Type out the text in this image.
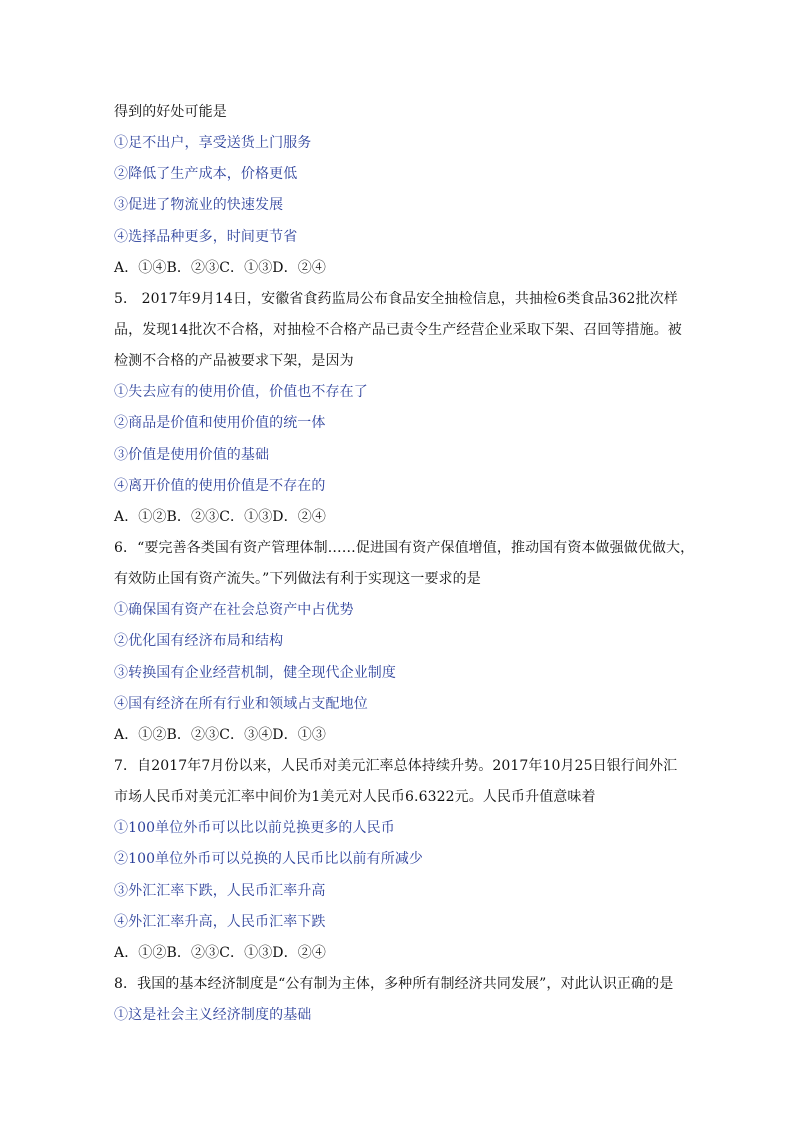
得到的好处可能是
①足不出户，享受送货上门服务
②降低了生产成本，价格更低
③促进了物流业的快速发展
④选择品种更多，时间更节省
A．①④B．②③C．①③D．②④
5． 2017年9月14日，安徽省食药监局公布食品安全抽检信息，共抽检6类食品362批次样
品，发现14批次不合格，对抽检不合格产品已责令生产经营企业采取下架、召回等措施。被
检测不合格的产品被要求下架，是因为
①失去应有的使用价值，价值也不存在了
②商品是价值和使用价值的统一体
③价值是使用价值的基础
④离开价值的使用价值是不存在的
A．①②B．②③C．①③D．②④
6．“要完善各类国有资产管理体制……促进国有资产保值增值，推动国有资本做强做优做大，
有效防止国有资产流失。”下列做法有利于实现这一要求的是
①确保国有资产在社会总资产中占优势
②优化国有经济布局和结构
③转换国有企业经营机制，健全现代企业制度
④国有经济在所有行业和领域占支配地位
A．①②B．②③C．③④D．①③
7．自2017年7月份以来，人民币对美元汇率总体持续升势。2017年10月25日银行间外汇
市场人民币对美元汇率中间价为1美元对人民币6.6322元。人民币升值意味着
①100单位外币可以比以前兑换更多的人民币
②100单位外币可以兑换的人民币比以前有所减少
③外汇汇率下跌，人民币汇率升高
④外汇汇率升高，人民币汇率下跌
A．①②B．②③C．①③D．②④
8．我国的基本经济制度是“公有制为主体，多种所有制经济共同发展”，对此认识正确的是
①这是社会主义经济制度的基础
